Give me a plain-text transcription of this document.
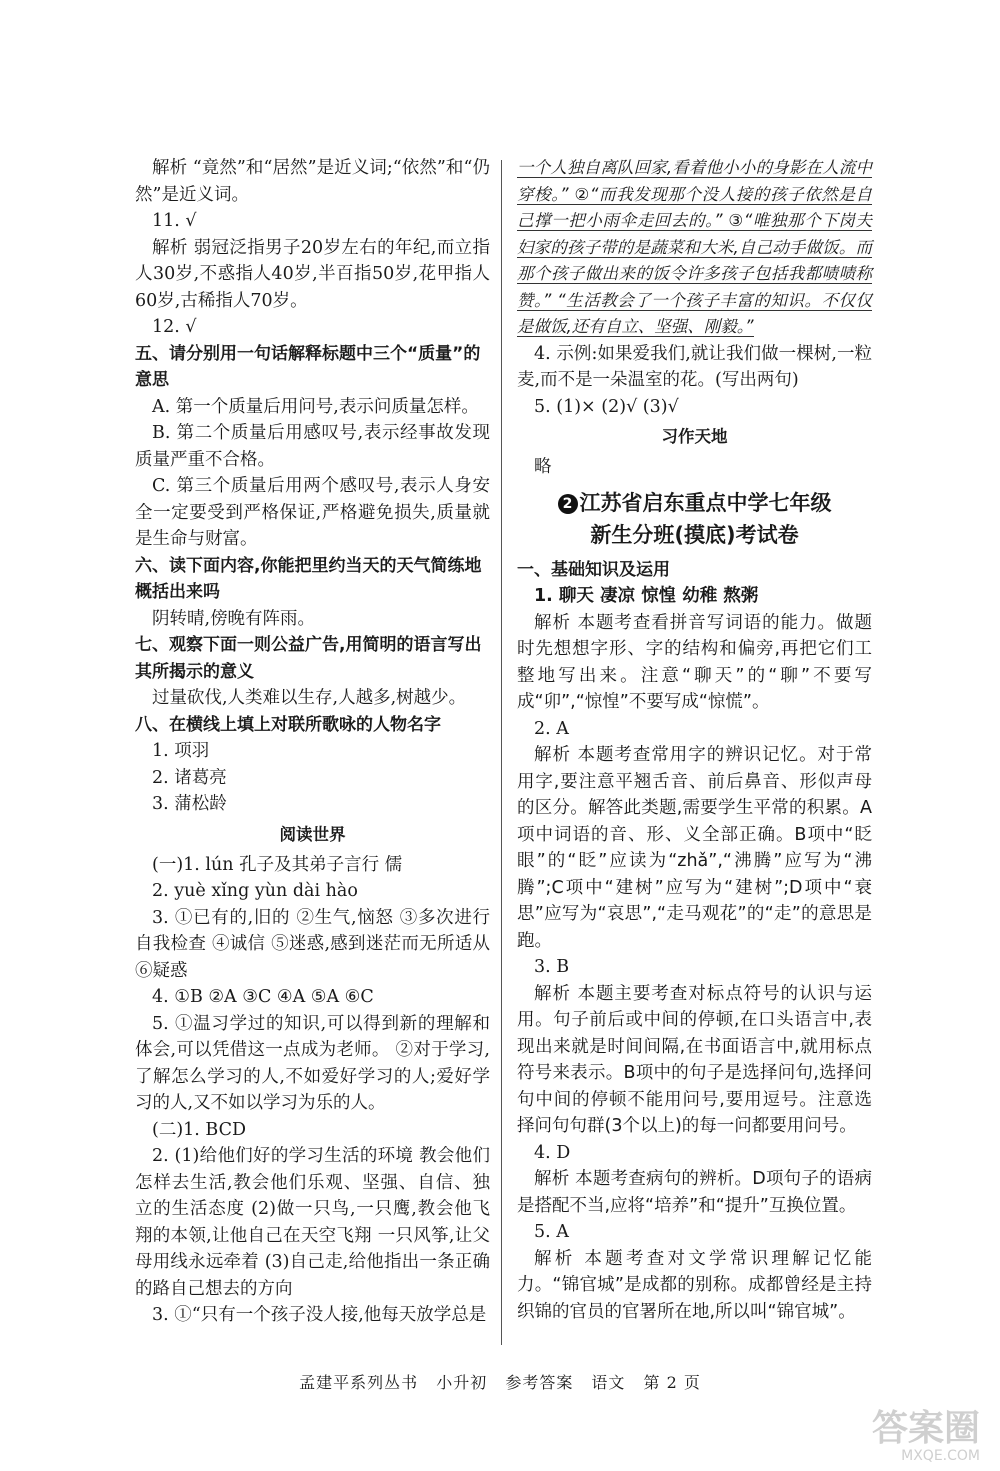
解析 “竟然”和“居然”是近义词;“依然”和“仍然”是近义词。

11. √

解析 弱冠泛指男子20岁左右的年纪,而立指人30岁,不惑指人40岁,半百指50岁,花甲指人60岁,古稀指人70岁。

12. √

五、请分别用一句话解释标题中三个“质量”的意思

A. 第一个质量后用问号,表示问质量怎样。

B. 第二个质量后用感叹号,表示经事故发现质量严重不合格。

C. 第三个质量后用两个感叹号,表示人身安全一定要受到严格保证,严格避免损失,质量就是生命与财富。

六、读下面内容,你能把里约当天的天气简练地概括出来吗

阴转晴,傍晚有阵雨。

七、观察下面一则公益广告,用简明的语言写出其所揭示的意义

过量砍伐,人类难以生存,人越多,树越少。

八、在横线上填上对联所歌咏的人物名字

1. 项羽

2. 诸葛亮

3. 蒲松龄

阅读世界

(一)1. lún 孔子及其弟子言行 儒

2. yuè xǐng yùn dài hào

3. ①已有的,旧的 ②生气,恼怒 ③多次进行自我检查 ④诚信 ⑤迷惑,感到迷茫而无所适从 ⑥疑惑

4. ①B ②A ③C ④A ⑤A ⑥C

5. ①温习学过的知识,可以得到新的理解和体会,可以凭借这一点成为老师。 ②对于学习,了解怎么学习的人,不如爱好学习的人;爱好学习的人,又不如以学习为乐的人。

(二)1. BCD

2. (1)给他们好的学习生活的环境 教会他们怎样去生活,教会他们乐观、坚强、自信、独立的生活态度 (2)做一只鸟,一只鹰,教会他飞翔的本领,让他自己在天空飞翔 一只风筝,让父母用线永远牵着 (3)自己走,给他指出一条正确的路自己想去的方向

3. ①“只有一个孩子没人接,他每天放学总是

一个人独自离队回家,看着他小小的身影在人流中穿梭。” ②“而我发现那个没人接的孩子依然是自己撑一把小雨伞走回去的。” ③“唯独那个下岗夫妇家的孩子带的是蔬菜和大米,自己动手做饭。而那个孩子做出来的饭令许多孩子包括我都啧啧称赞。” “生活教会了一个孩子丰富的知识。不仅仅是做饭,还有自立、坚强、刚毅。”

4. 示例:如果爱我们,就让我们做一棵树,一粒麦,而不是一朵温室的花。(写出两句)

5. (1)× (2)√ (3)√

习作天地

略

2 江苏省启东重点中学七年级
新生分班(摸底)考试卷

一、基础知识及运用

1. 聊天 凄凉 惊惶 幼稚 熬粥

解析 本题考查看拼音写词语的能力。做题时先想想字形、字的结构和偏旁,再把它们工整地写出来。注意“聊天”的“聊”不要写成“卯”,“惊惶”不要写成“惊慌”。

2. A

解析 本题考查常用字的辨识记忆。对于常用字,要注意平翘舌音、前后鼻音、形似声母的区分。解答此类题,需要学生平常的积累。A项中词语的音、形、义全部正确。B项中“眨眼”的“眨”应读为“zhǎ”,“沸腾”应写为“沸腾”;C项中“建树”应写为“建树”;D项中“衰思”应写为“哀思”,“走马观花”的“走”的意思是跑。

3. B

解析 本题主要考查对标点符号的认识与运用。句子前后或中间的停顿,在口头语言中,表现出来就是时间间隔,在书面语言中,就用标点符号来表示。B项中的句子是选择问句,选择问句中间的停顿不能用问号,要用逗号。注意选择问句句群(3个以上)的每一问都要用问号。

4. D

解析 本题考查病句的辨析。D项句子的语病是搭配不当,应将“培养”和“提升”互换位置。

5. A

解析 本题考查对文学常识理解记忆能力。“锦官城”是成都的别称。成都曾经是主持织锦的官员的官署所在地,所以叫“锦官城”。

孟建平系列丛书 小升初 参考答案 语文 第 2 页
答案圈
MXQE.COM
